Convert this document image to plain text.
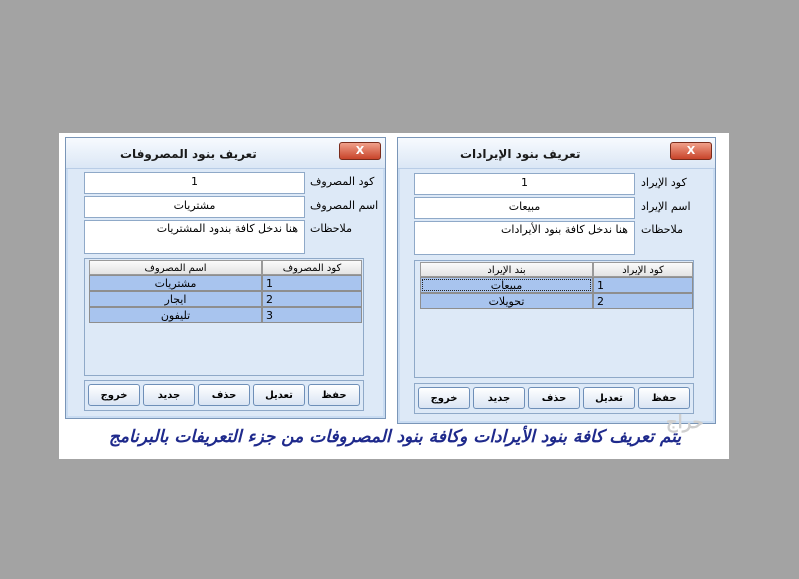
تعريف بنود المصروفات	X
1	كود المصروف
مشتريات	اسم المصروف
هنا ندخل كافة بندود المشتريات	ملاحظات
اسم المصروف	كود المصروف
مشتريات	1
ايجار	2
تليفون	3
خروج	جديد	حذف	تعديل	حفظ
تعريف بنود الإيرادات	X
1	كود الإيراد
مبيعات	اسم الإيراد
هنا ندخل كافة بنود الأيرادات	ملاحظات
بند الإيراد	كود الإيراد
مبيعات	1
تحويلات	2
خروج	جديد	حذف	تعديل	حفظ
حراج
يتم تعريف كافة بنود الأيرادات وكافة بنود المصروفات من جزء التعريفات بالبرنامج
